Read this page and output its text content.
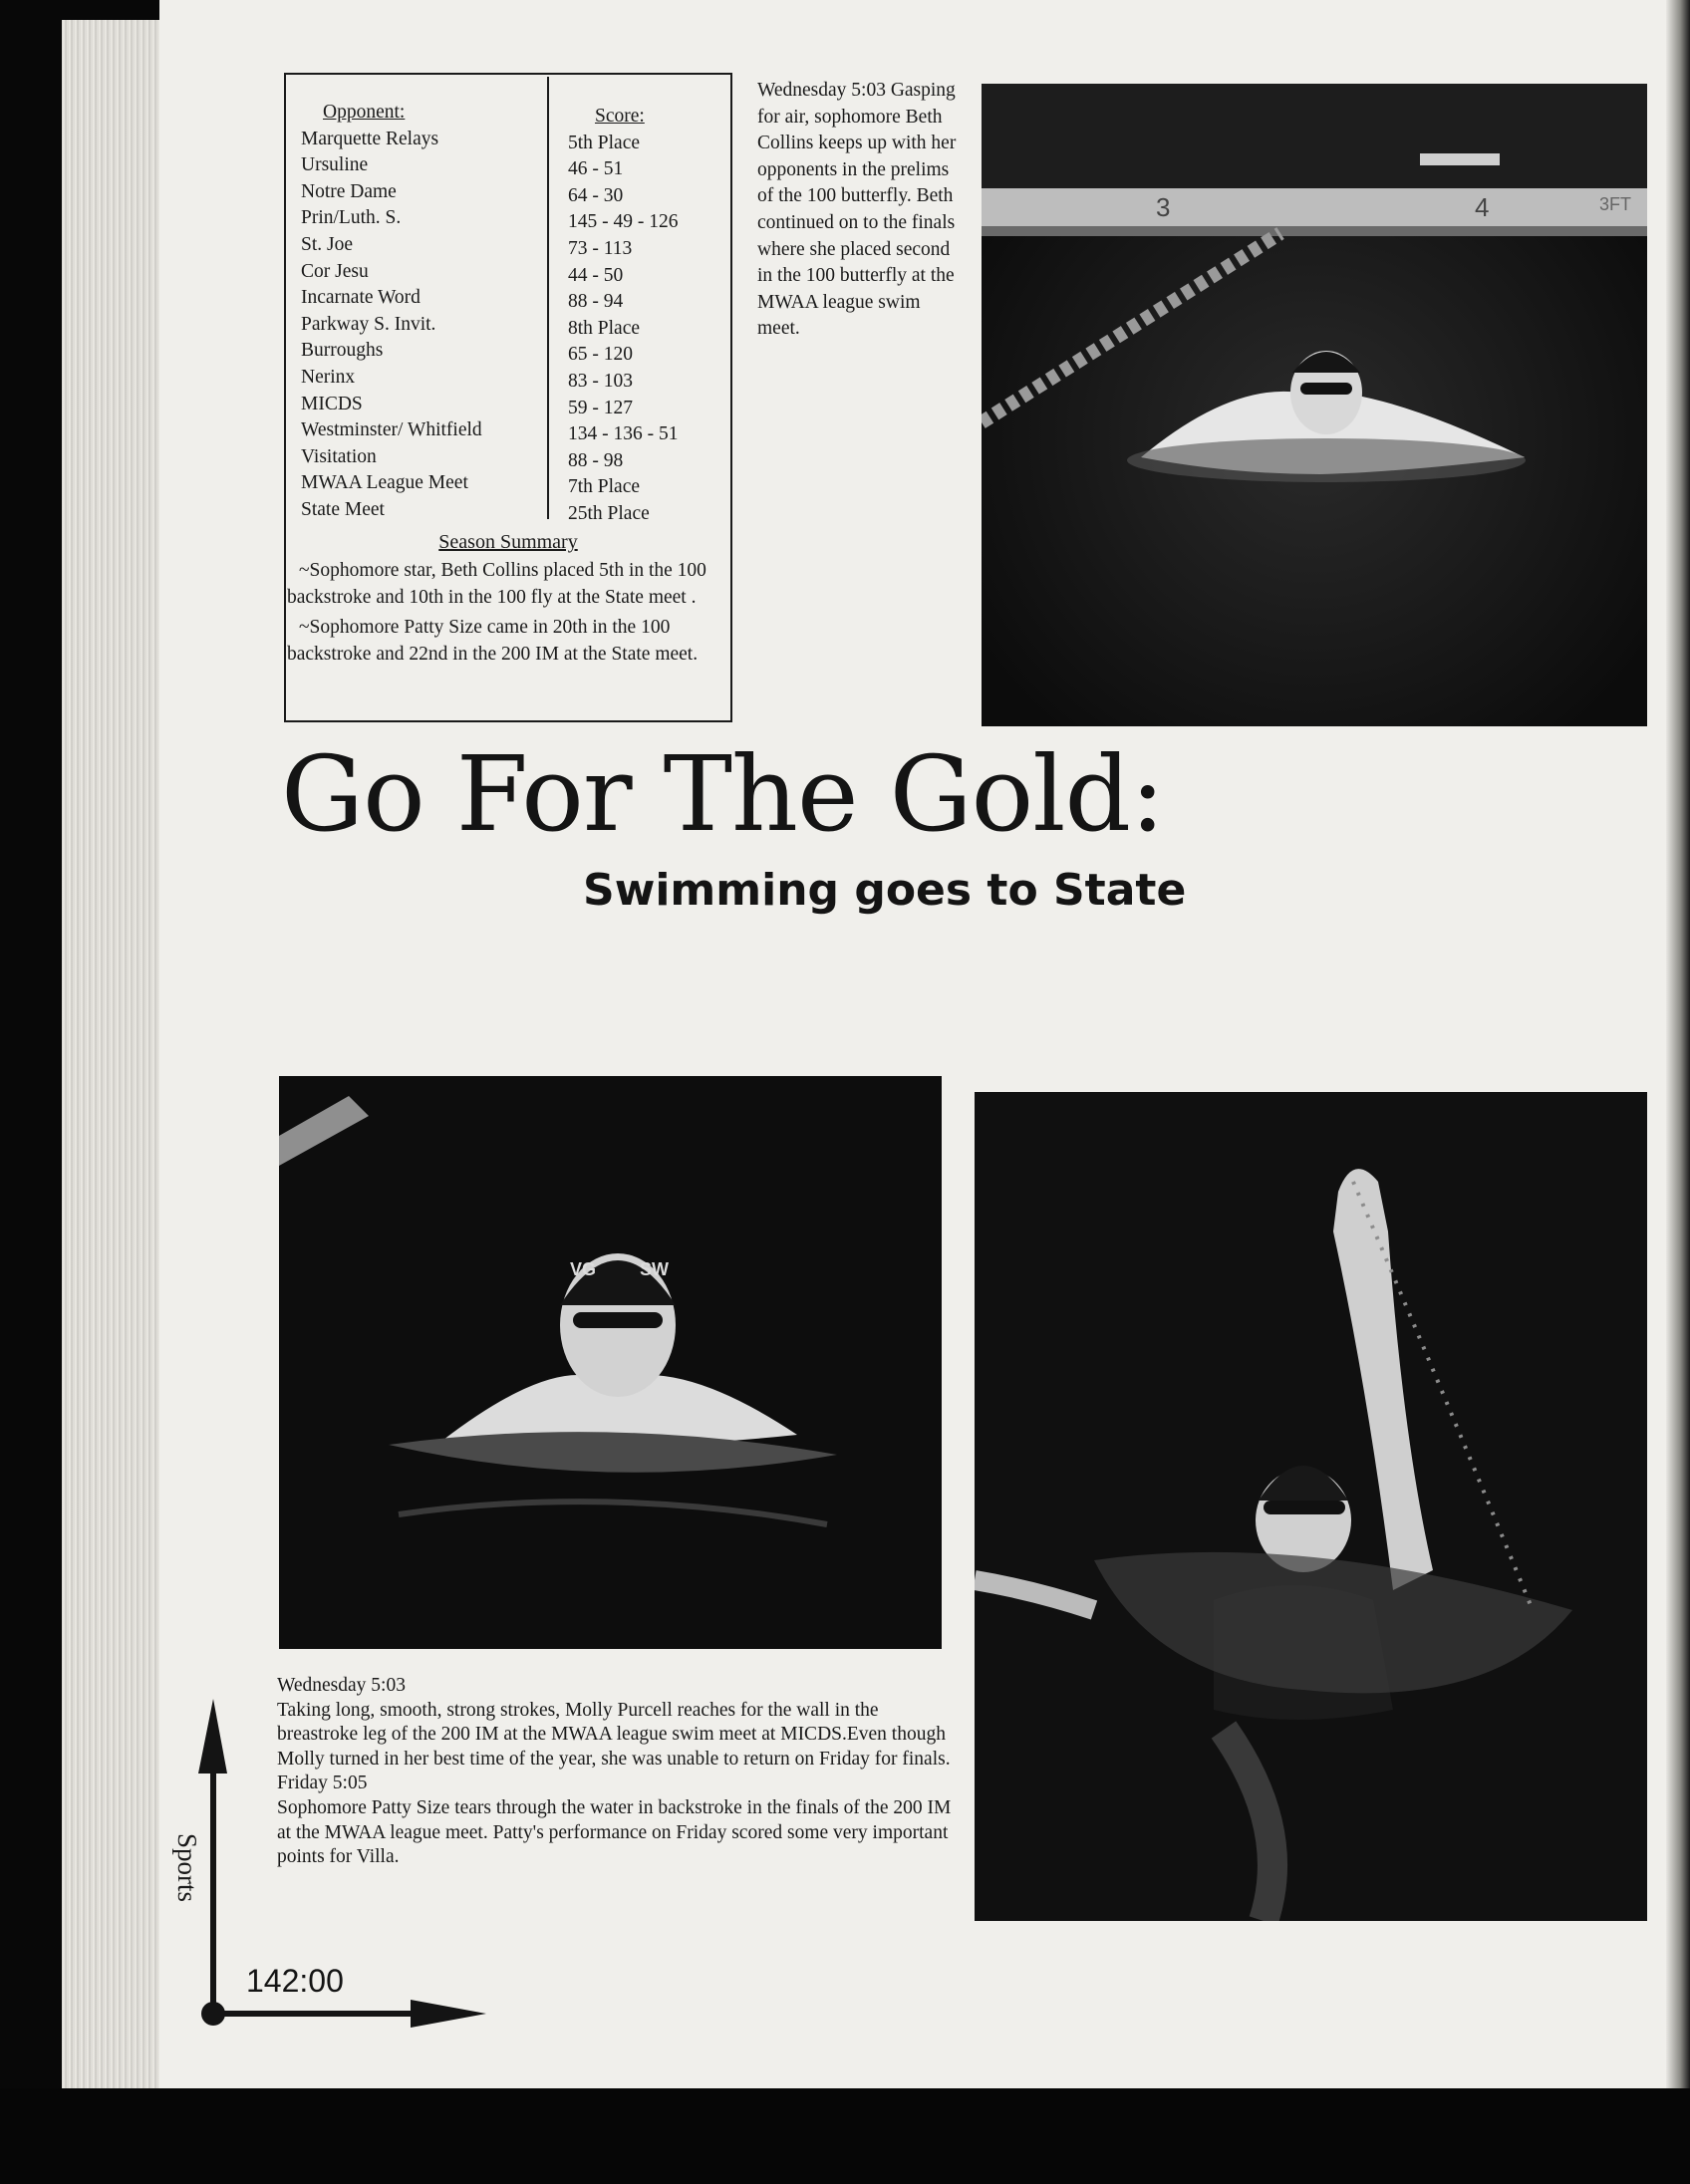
Opponent:
Marquette Relays
Ursuline
Notre Dame
Prin/Luth. S.
St. Joe
Cor Jesu
Incarnate Word
Parkway S. Invit.
Burroughs
Nerinx
MICDS
Westminster/ Whitfield
Visitation
MWAA League Meet
State Meet
Score:
5th Place
46 - 51
64 - 30
145 - 49 - 126
73 - 113
44 - 50
88 - 94
8th Place
65 - 120
83 - 103
59 - 127
134 - 136 - 51
88 - 98
7th Place
25th Place
Season Summary

~Sophomore star, Beth Collins placed 5th in the 100 backstroke and 10th in the 100 fly at the State meet .

~Sophomore Patty Size came in 20th in the 100 backstroke and 22nd in the 200 IM at the State meet.

Wednesday 5:03 Gasping for air, sophomore Beth Collins keeps up with her opponents in the prelims of the 100 butterfly. Beth continued on to the finals where she placed second in the 100 butterfly at the MWAA league swim meet.
3	4	3FT
Go For The Gold:
Swimming goes to State
VG SW

Wednesday 5:03

Taking long, smooth, strong strokes, Molly Purcell reaches for the wall in the breastroke leg of the 200 IM at the MWAA league swim meet at MICDS.Even though Molly turned in her best time of the year, she was unable to return on Friday for finals.

Friday 5:05

Sophomore Patty Size tears through the water in backstroke in the finals of the 200 IM at the MWAA league meet. Patty's performance on Friday scored some very important points for Villa.

Sports
142:00
